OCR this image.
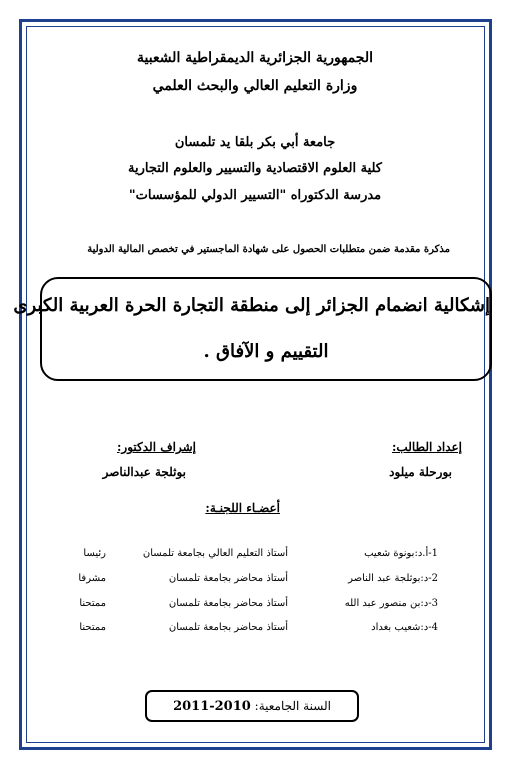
الجمهورية الجزائرية الديمقراطية الشعبية
وزارة التعليم العالي والبحث العلمي
جامعة أبي بكر بلقا يد تلمسان
كلية العلوم الاقتصادية والتسيير والعلوم التجارية
مدرسة الدكتوراه "التسيير الدولي للمؤسسات"
مذكرة مقدمة ضمن متطلبات الحصول على شهادة الماجستير في تخصص المالية الدولية
إشكالية انضمام الجزائر إلى منطقة التجارة الحرة العربية الكبرى
التقييم و الآفاق .
إعداد الطالب:
بورحلة ميلود
إشراف الدكتور:
بوثلجة عبدالناصر
أعضـاء اللجنـة:
1-أ.د:بونوة شعيب
أستاذ التعليم العالي بجامعة تلمسان
رئيسا
2-د:بوثلجة عبد الناصر
أستاذ محاضر بجامعة تلمسان
مشرفا
3-د:بن منصور عبد الله
أستاذ محاضر بجامعة تلمسان
ممتحنا
4-د:شعيب بغداد
أستاذ محاضر بجامعة تلمسان
ممتحنا
السنة الجامعية: 2011-2010
